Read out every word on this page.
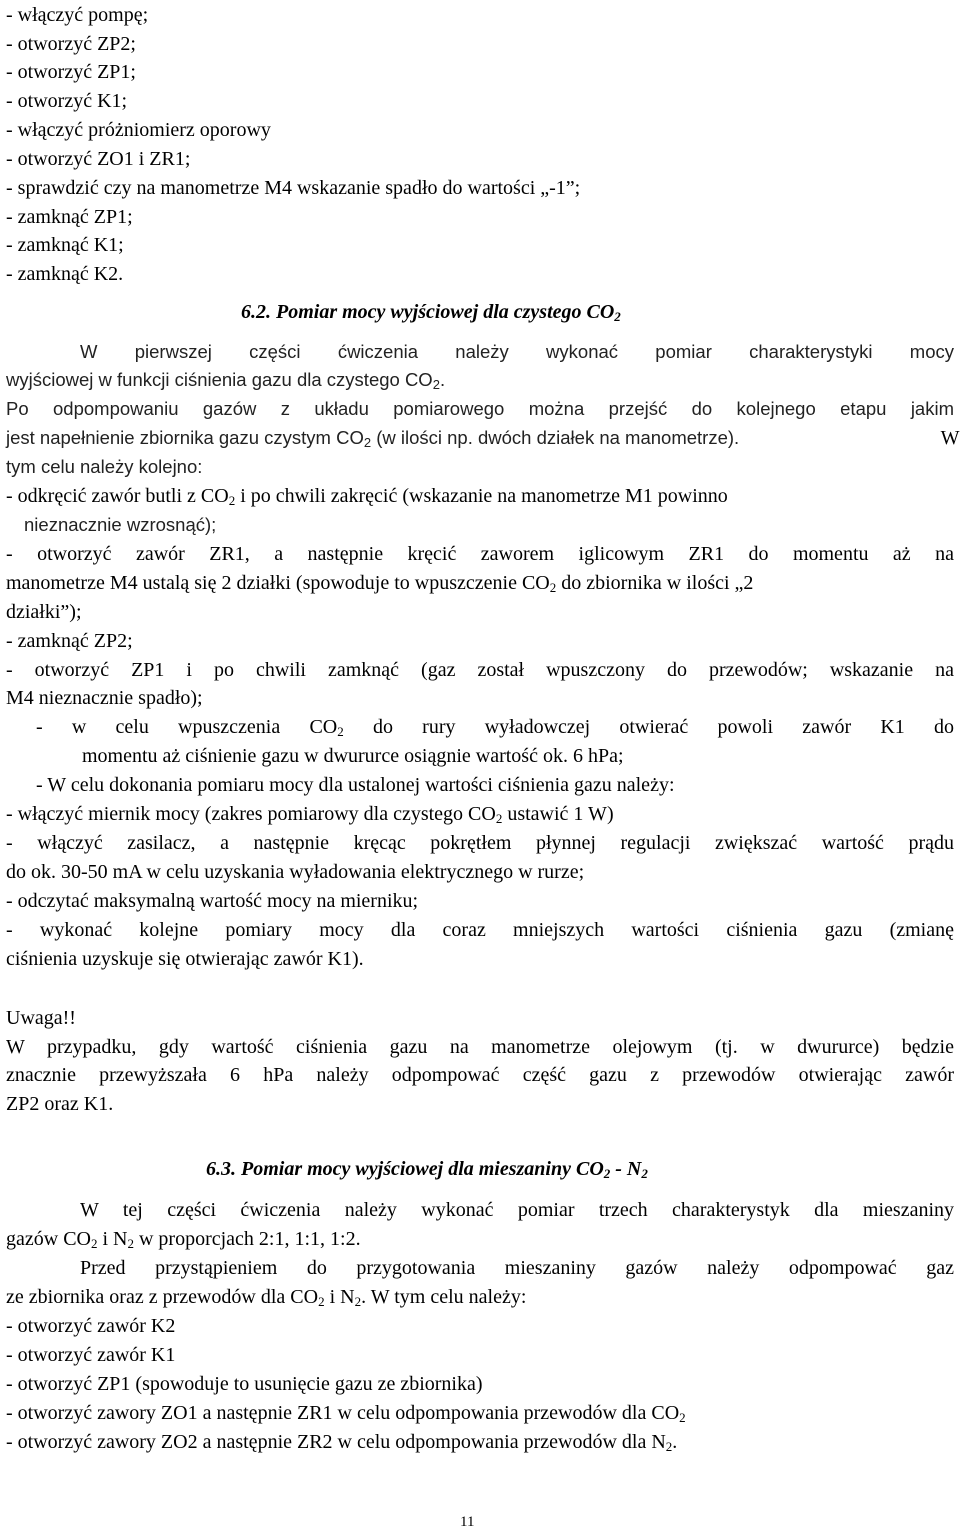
- włączyć pompę;
- otworzyć ZP2;
- otworzyć ZP1;
- otworzyć K1;
- włączyć próżniomierz oporowy
- otworzyć ZO1 i ZR1;
- sprawdzić czy na manometrze M4 wskazanie spadło do wartości „-1”;
- zamknąć ZP1;
- zamknąć K1;
- zamknąć K2.
6.2. Pomiar mocy wyjściowej dla czystego $CO_2$
W pierwszej części ćwiczenia należy wykonać pomiar charakterystyki mocy
wyjściowej w funkcji ciśnienia gazu dla czystego $CO_2$.
Po odpompowaniu gazów z układu pomiarowego można przejść do kolejnego etapu jakim
jest napełnienie zbiornika gazu czystym $CO_2$ (w ilości np. dwóch działek na manometrze).	W
tym celu należy kolejno:
- odkręcić zawór butli z $CO_2$ i po chwili zakręcić (wskazanie na manometrze M1 powinno
nieznacznie wzrosnąć);
- otworzyć zawór ZR1, a następnie kręcić zaworem iglicowym ZR1 do momentu aż na
manometrze M4 ustalą się 2 działki (spowoduje to wpuszczenie $CO_2$ do zbiornika w ilości „2
działki”);
- zamknąć ZP2;
- otworzyć ZP1 i po chwili zamknąć (gaz został wpuszczony do przewodów; wskazanie na
M4 nieznacznie spadło);
- w celu wpuszczenia $CO_2$ do rury wyładowczej otwierać powoli zawór K1 do
momentu aż ciśnienie gazu w dwururce osiągnie wartość ok. 6 hPa;
- W celu dokonania pomiaru mocy dla ustalonej wartości ciśnienia gazu należy:
- włączyć miernik mocy (zakres pomiarowy dla czystego $CO_2$ ustawić 1 W)
- włączyć zasilacz, a następnie kręcąc pokrętłem płynnej regulacji zwiększać wartość prądu
do ok. 30-50 mA w celu uzyskania wyładowania elektrycznego w rurze;
- odczytać maksymalną wartość mocy na mierniku;
- wykonać kolejne pomiary mocy dla coraz mniejszych wartości ciśnienia gazu (zmianę
ciśnienia uzyskuje się otwierając zawór K1).
Uwaga!!
W przypadku, gdy wartość ciśnienia gazu na manometrze olejowym (tj. w dwururce) będzie
znacznie przewyższała 6 hPa należy odpompować część gazu z przewodów otwierając zawór
ZP2 oraz K1.
6.3. Pomiar mocy wyjściowej dla mieszaniny $CO_2 - N_2$
W tej części ćwiczenia należy wykonać pomiar trzech charakterystyk dla mieszaniny
gazów $CO_2$ i $N_2$ w proporcjach 2:1, 1:1, 1:2.
Przed przystąpieniem do przygotowania mieszaniny gazów należy odpompować gaz
ze zbiornika oraz z przewodów dla $CO_2$ i $N_2$. W tym celu należy:
- otworzyć zawór K2
- otworzyć zawór K1
- otworzyć ZP1 (spowoduje to usunięcie gazu ze zbiornika)
- otworzyć zawory ZO1 a następnie ZR1 w celu odpompowania przewodów dla $CO_2$
- otworzyć zawory ZO2 a następnie ZR2 w celu odpompowania przewodów dla $N_2$.
11
